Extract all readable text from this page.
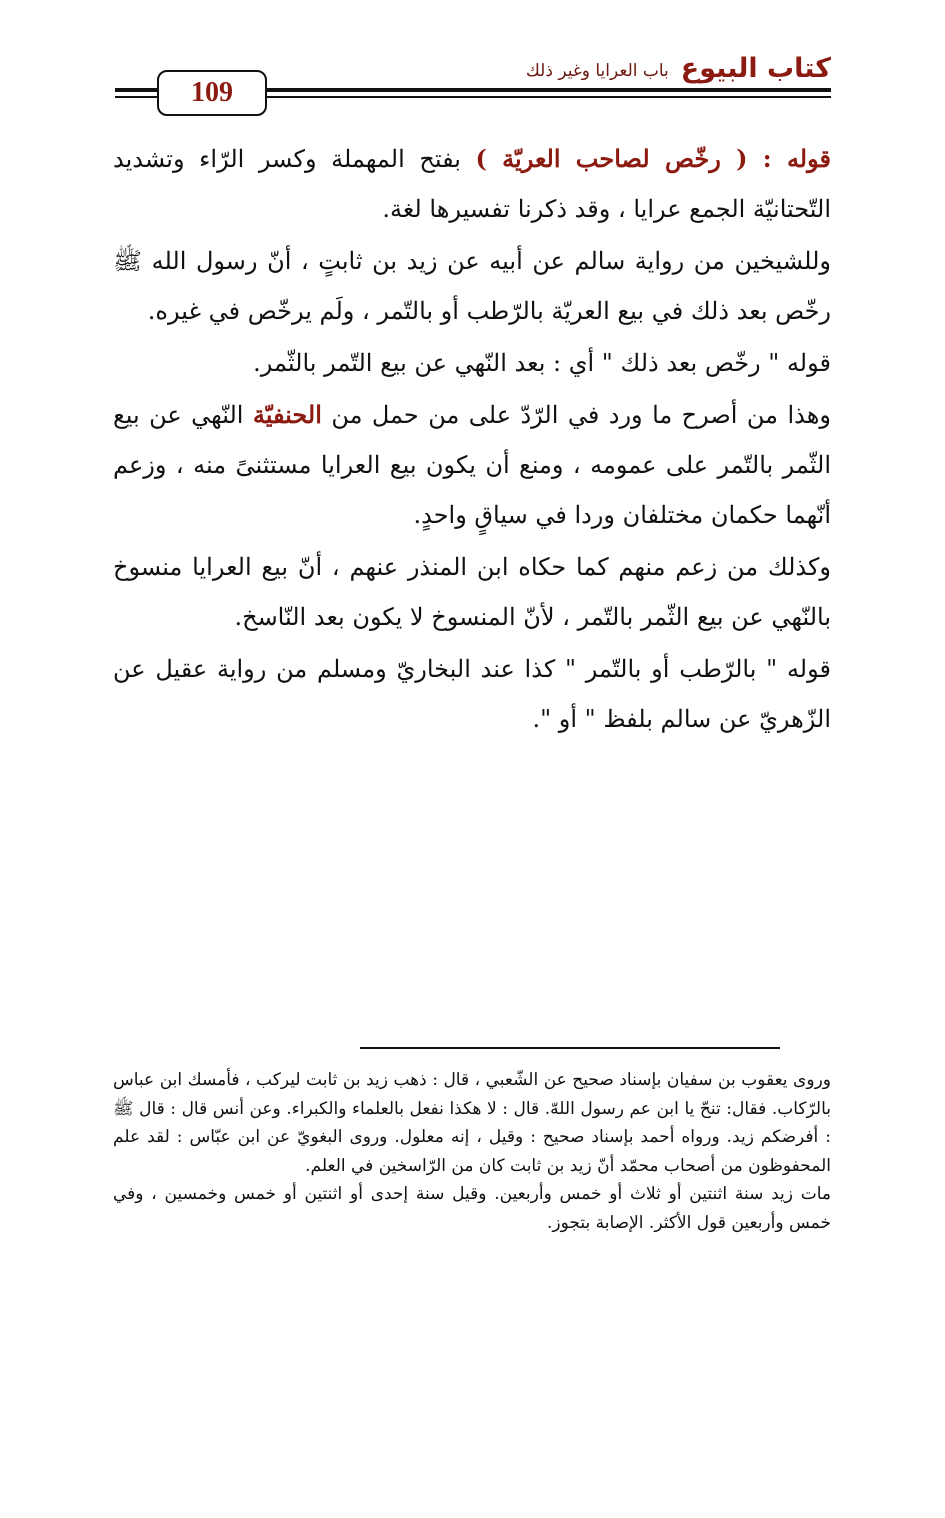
كتاب البيوع
باب العرايا وغير ذلك
109

قوله : ( رخّص لصاحب العريّة ) بفتح المهملة وكسر الرّاء وتشديد التّحتانيّة الجمع عرايا ، وقد ذكرنا تفسيرها لغة.

وللشيخين من رواية سالم عن أبيه عن زيد بن ثابتٍ ، أنّ رسول الله ﷺ رخّص بعد ذلك في بيع العريّة بالرّطب أو بالتّمر ، ولَم يرخّص في غيره.

قوله " رخّص بعد ذلك " أي : بعد النّهي عن بيع التّمر بالثّمر.

وهذا من أصرح ما ورد في الرّدّ على من حمل من الحنفيّة النّهي عن بيع الثّمر بالتّمر على عمومه ، ومنع أن يكون بيع العرايا مستثنىً منه ، وزعم أنّهما حكمان مختلفان وردا في سياقٍ واحدٍ.

وكذلك من زعم منهم كما حكاه ابن المنذر عنهم ، أنّ بيع العرايا منسوخ بالنّهي عن بيع الثّمر بالتّمر ، لأنّ المنسوخ لا يكون بعد النّاسخ.

قوله " بالرّطب أو بالتّمر " كذا عند البخاريّ ومسلم من رواية عقيل عن الزّهريّ عن سالم بلفظ " أو ".

وروى يعقوب بن سفيان بإسناد صحيح عن الشّعبي ، قال : ذهب زيد بن ثابت ليركب ، فأمسك ابن عباس بالرّكاب. فقال: تنحّ يا ابن عم رسول اللهّ. قال : لا هكذا نفعل بالعلماء والكبراء. وعن أنس قال : قال ﷺ : أفرضكم زيد. ورواه أحمد بإسناد صحيح : وقيل ، إنه معلول. وروى البغويّ عن ابن عبّاس : لقد علم المحفوظون من أصحاب محمّد أنّ زيد بن ثابت كان من الرّاسخين في العلم.

مات زيد سنة اثنتين أو ثلاث أو خمس وأربعين. وقيل سنة إحدى أو اثنتين أو خمس وخمسين ، وفي خمس وأربعين قول الأكثر. الإصابة بتجوز.
